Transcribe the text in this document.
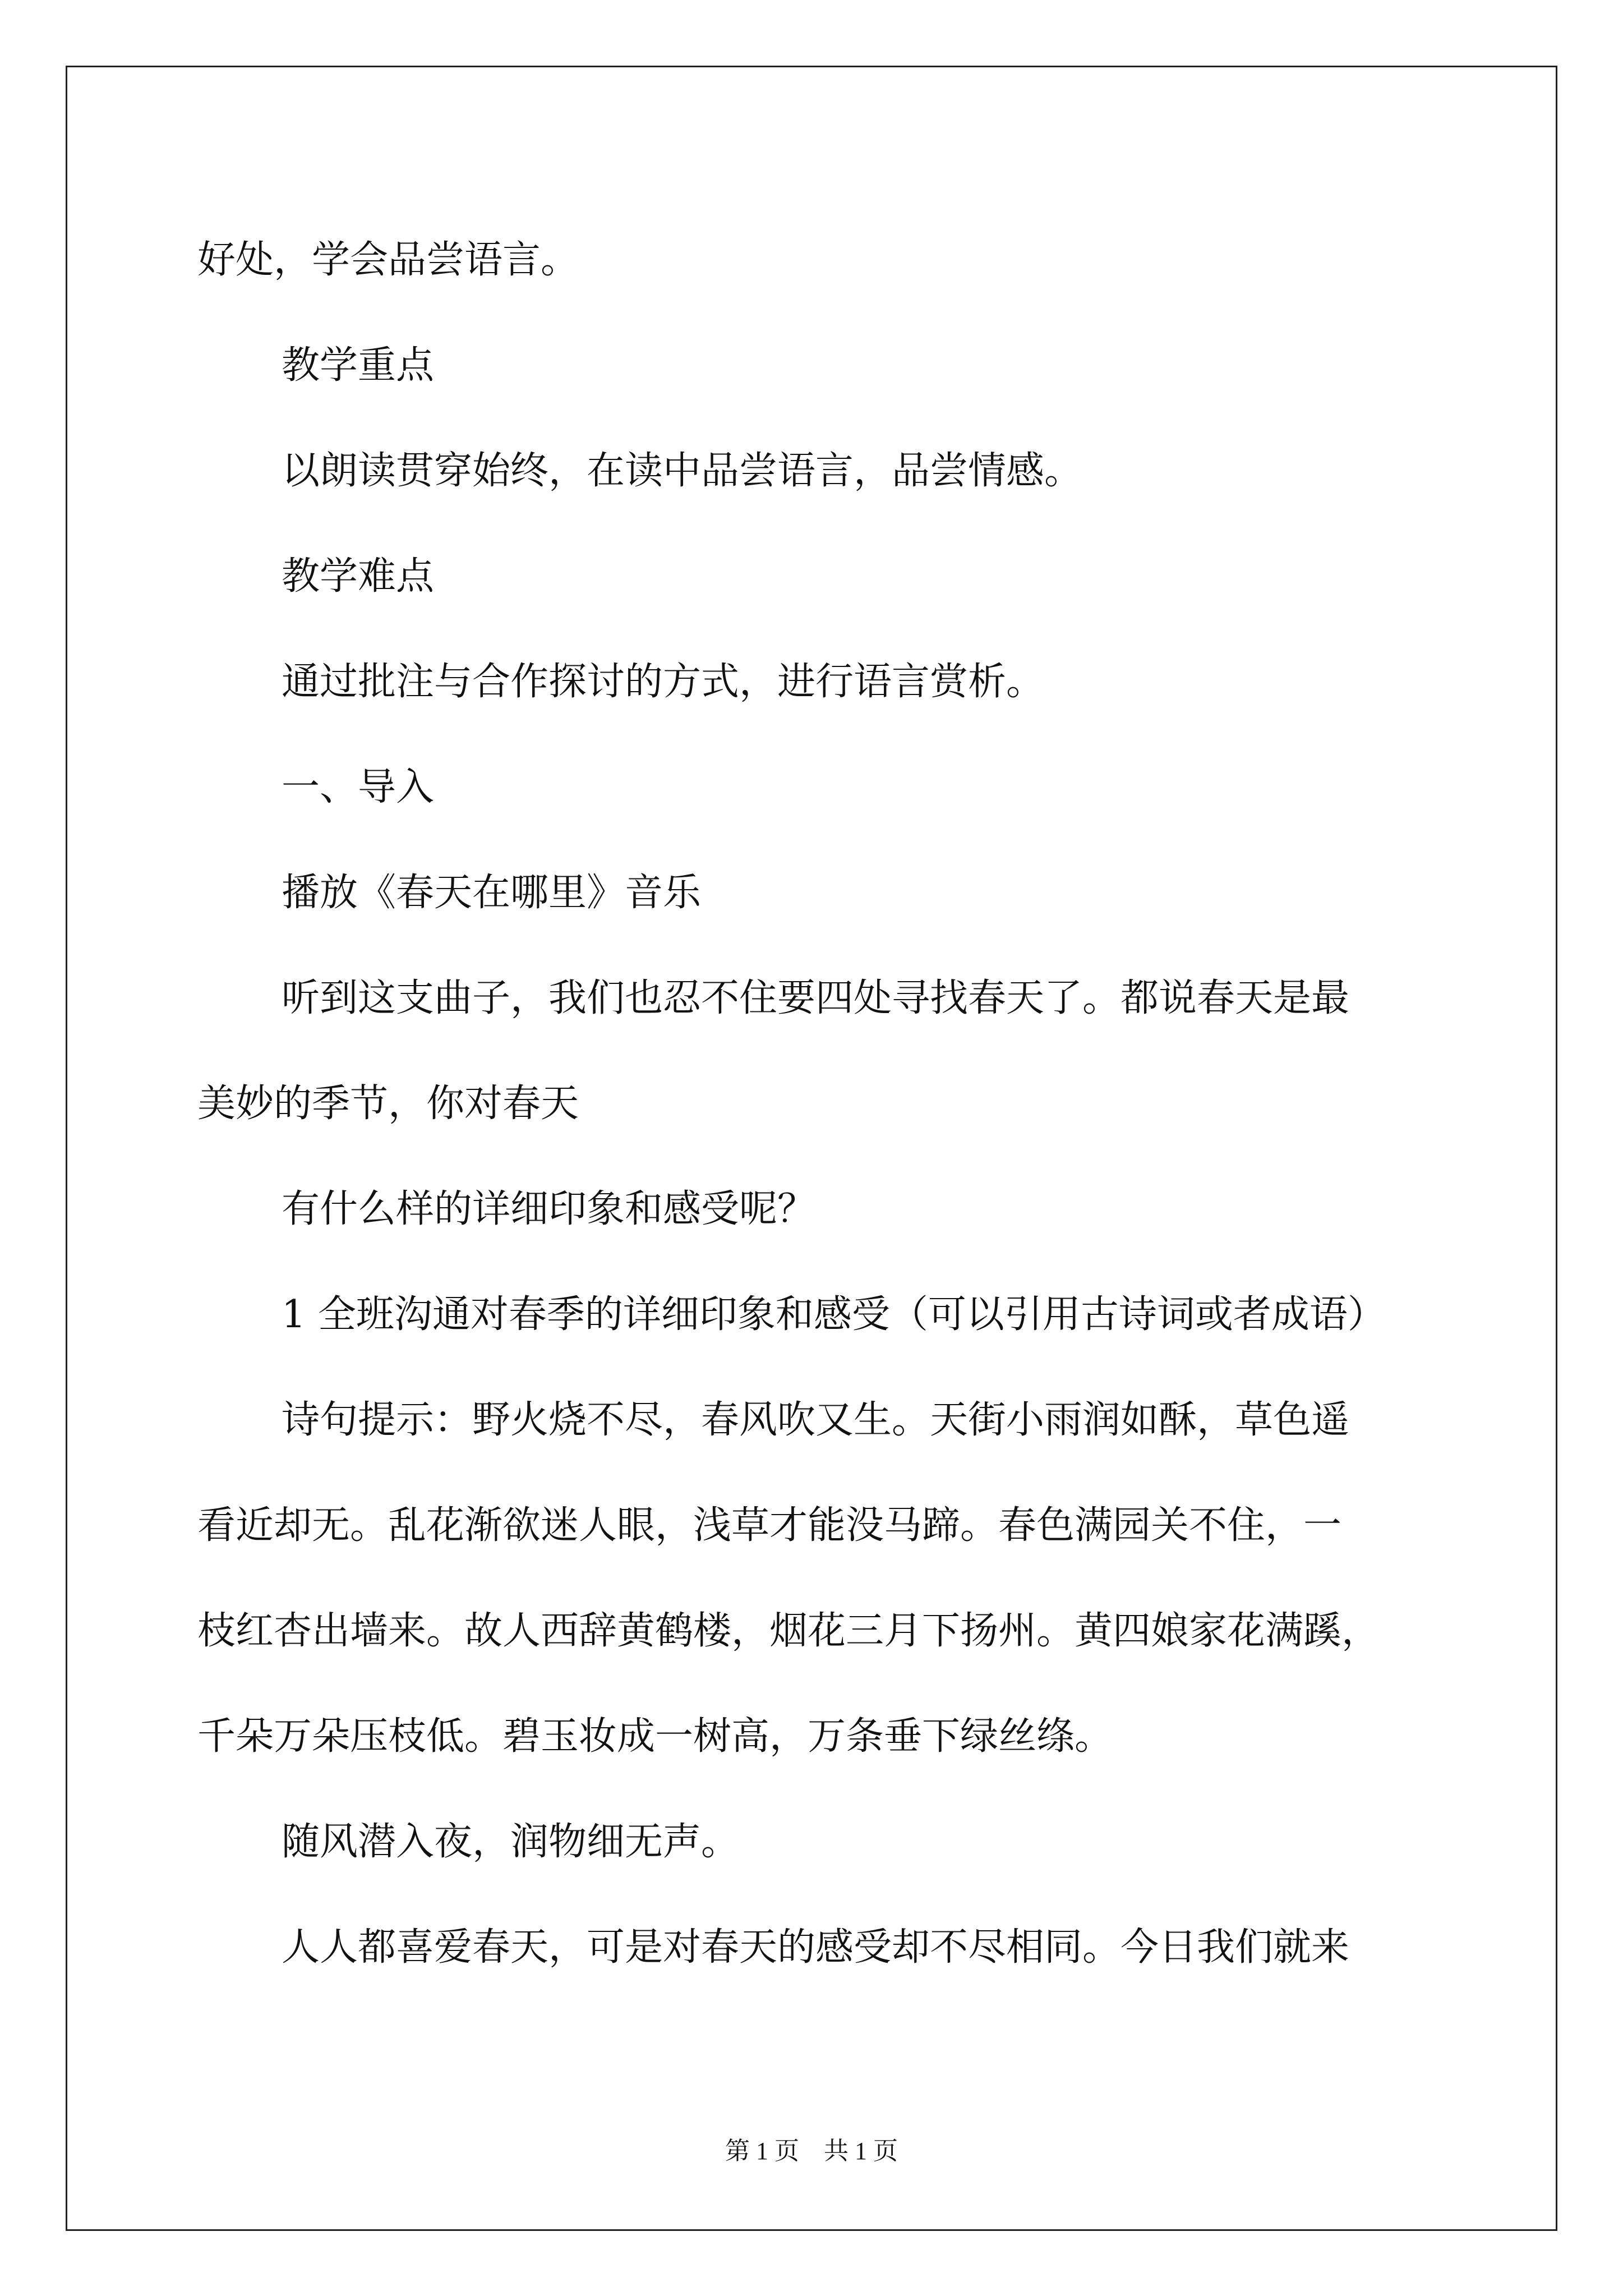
好处，学会品尝语言。

教学重点

以朗读贯穿始终，在读中品尝语言，品尝情感。

教学难点

通过批注与合作探讨的方式，进行语言赏析。

一、导入

播放《春天在哪里》音乐

听到这支曲子，我们也忍不住要四处寻找春天了。都说春天是最

美妙的季节，你对春天

有什么样的详细印象和感受呢？

1 全班沟通对春季的详细印象和感受（可以引用古诗词或者成语）

诗句提示：野火烧不尽，春风吹又生。天街小雨润如酥，草色遥

看近却无。乱花渐欲迷人眼，浅草才能没马蹄。春色满园关不住，一

枝红杏出墙来。故人西辞黄鹤楼，烟花三月下扬州。黄四娘家花满蹊，

千朵万朵压枝低。碧玉妆成一树高，万条垂下绿丝绦。

随风潜入夜，润物细无声。

人人都喜爱春天，可是对春天的感受却不尽相同。今日我们就来

第 1 页 共 1 页
